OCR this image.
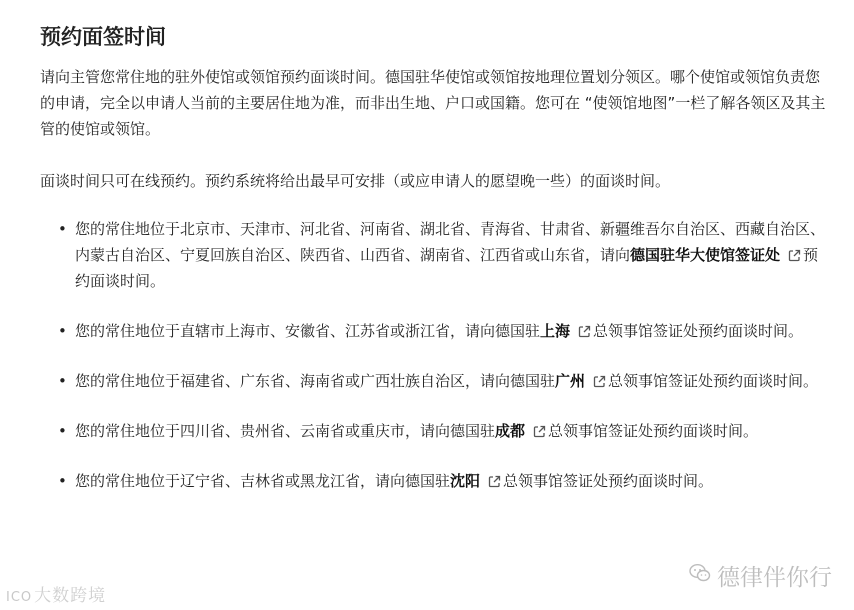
预约面签时间

请向主管您常住地的驻外使馆或领馆预约面谈时间。德国驻华使馆或领馆按地理位置划分领区。哪个使馆或领馆负责您的申请，完全以申请人当前的主要居住地为准，而非出生地、户口或国籍。您可在 “使领馆地图”一栏了解各领区及其主管的使馆或领馆。

面谈时间只可在线预约。预约系统将给出最早可安排（或应申请人的愿望晚一些）的面谈时间。

• 您的常住地位于北京市、天津市、河北省、河南省、湖北省、青海省、甘肃省、新疆维吾尔自治区、西藏自治区、内蒙古自治区、宁夏回族自治区、陕西省、山西省、湖南省、江西省或山东省，请向德国驻华大使馆签证处 预约面谈时间。
• 您的常住地位于直辖市上海市、安徽省、江苏省或浙江省，请向德国驻上海 总领事馆签证处预约面谈时间。
• 您的常住地位于福建省、广东省、海南省或广西壮族自治区，请向德国驻广州 总领事馆签证处预约面谈时间。
• 您的常住地位于四川省、贵州省、云南省或重庆市，请向德国驻成都 总领事馆签证处预约面谈时间。
• 您的常住地位于辽宁省、吉林省或黑龙江省，请向德国驻沈阳 总领事馆签证处预约面谈时间。
ICO 大数跨境
德律伴你行
